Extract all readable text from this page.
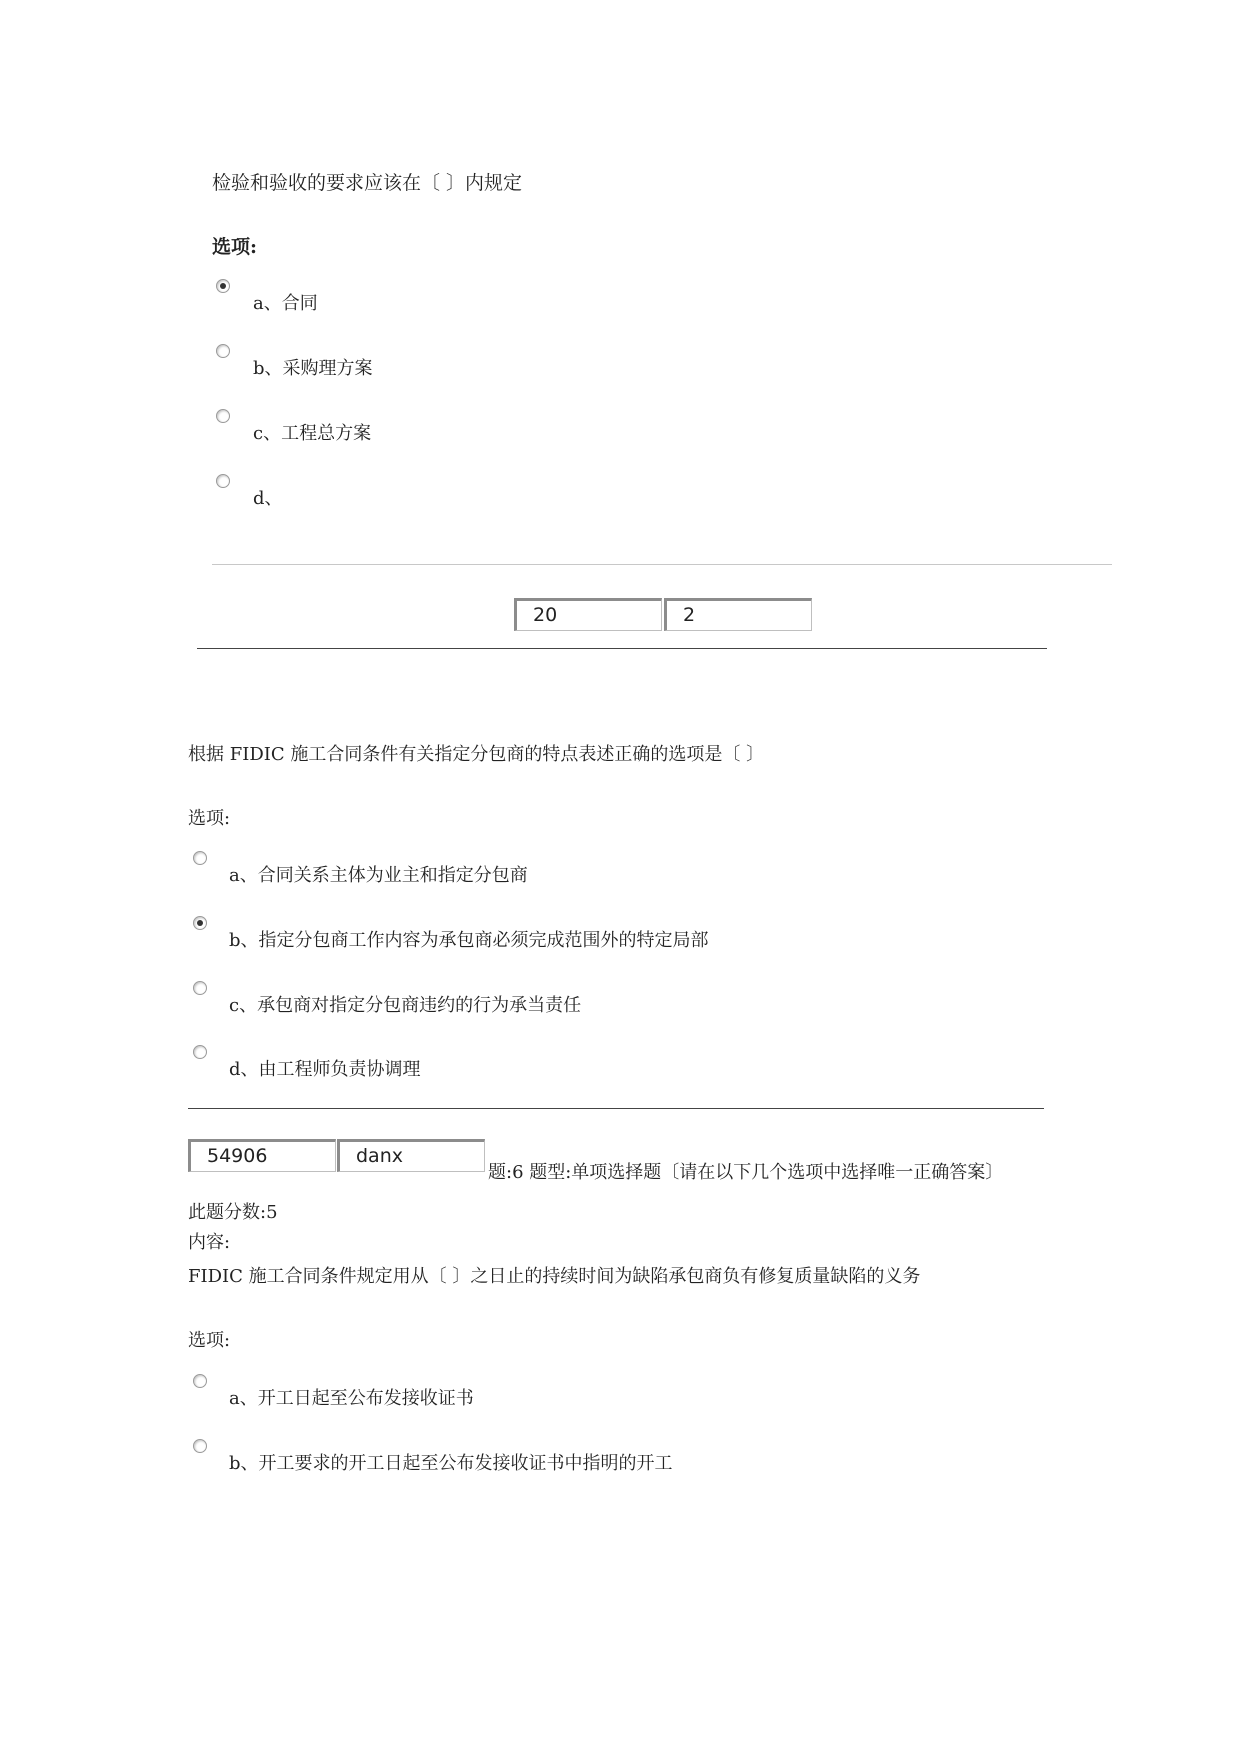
检验和验收的要求应该在〔 〕内规定
选项:
a、合同
b、采购理方案
c、工程总方案
d、
20	2
根据 FIDIC 施工合同条件有关指定分包商的特点表述正确的选项是〔 〕
选项:
a、合同关系主体为业主和指定分包商
b、指定分包商工作内容为承包商必须完成范围外的特定局部
c、承包商对指定分包商违约的行为承当责任
d、由工程师负责协调理
54906	danx
题:6 题型:单项选择题〔请在以下几个选项中选择唯一正确答案〕
此题分数:5
内容:
FIDIC 施工合同条件规定用从〔 〕之日止的持续时间为缺陷承包商负有修复质量缺陷的义务
选项:
a、开工日起至公布发接收证书
b、开工要求的开工日起至公布发接收证书中指明的开工
